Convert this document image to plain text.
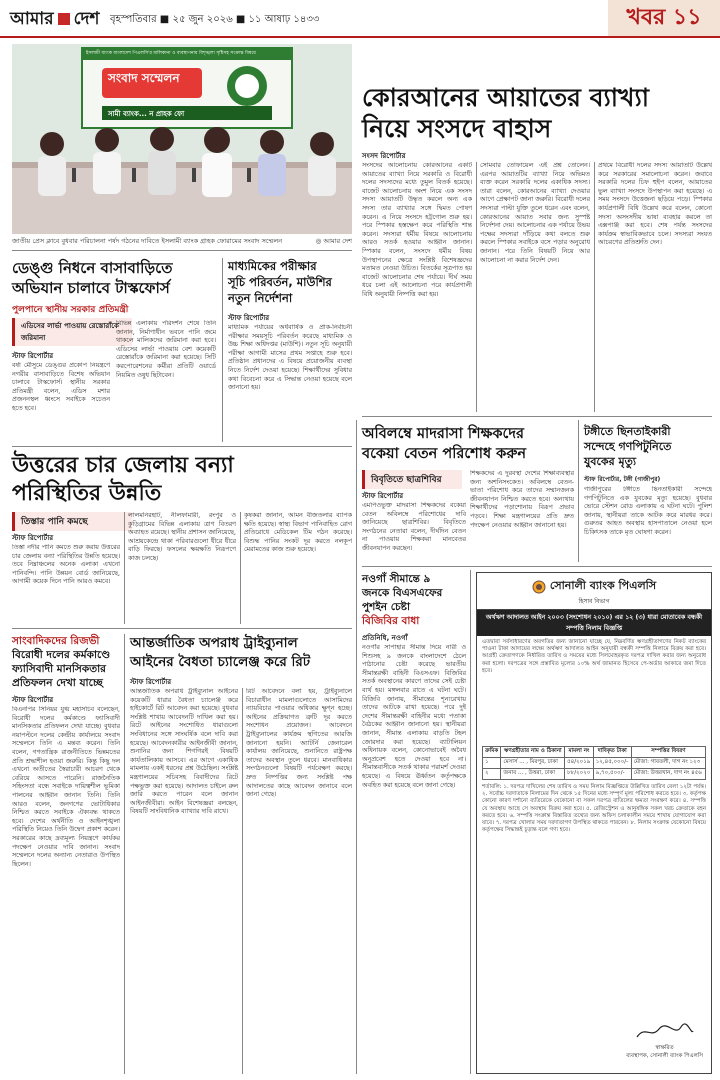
আমার দেশ বৃহস্পতিবার ■ ২৫ জুন ২০২৬ ■ ১১ আষাঢ় ১৪৩৩	খবর ১১
সংবাদ সম্মেলন
ইসলামী ব্যাংক বাংলাদেশ পিএলসি'র মালিকানা ও ব্যবস্থাপনায় বিশৃঙ্খলা সৃষ্টিসহ সংক্রান্ত বিষয়ে
সামী ব্যাংক... ন প্রাহক ফো
জাতীয় প্রেস ক্লাবে বুধবার পরিচালনা পর্ষদ গঠনের দাবিতে ইসলামী ব্যাংক গ্রাহক ফোরামের সংবাদ সম্মেলন	◎ আমার দেশ
কোরআনের আয়াতের ব্যাখ্যা
নিয়ে সংসদে বাহাস
সংসদ রিপোর্টার
সংসদের আলোচনায় কোরআনের একটি আয়াতের ব্যাখ্যা নিয়ে সরকারি ও বিরোধী দলের সদস্যদের মধ্যে তুমুল বিতর্ক হয়েছে। বাজেট আলোচনায় অংশ নিয়ে এক সংসদ সদস্য আয়াতটি উদ্ধৃত করলে অন্য এক সদস্য তার ব্যাখ্যার সঙ্গে দ্বিমত পোষণ করেন। এ নিয়ে সংসদে হট্টগোল শুরু হয়। পরে স্পিকার হস্তক্ষেপ করে পরিস্থিতি শান্ত করেন। সদস্যরা ধর্মীয় বিষয়ে আলোচনায় আরও সতর্ক হওয়ার আহ্বান জানান। স্পিকার বলেন, সংসদে ধর্মীয় বিষয় উপস্থাপনের ক্ষেত্রে সংশ্লিষ্ট বিশেষজ্ঞদের মতামত নেওয়া উচিত। বিতর্কের সূত্রপাত হয় বাজেট আলোচনার শেষ পর্যায়ে। দীর্ঘ সময় ধরে চলা এই আলোচনা পরে কার্যপ্রণালী বিধি অনুযায়ী নিষ্পত্তি করা হয়।
সোমবার তোফায়েল এই প্রশ্ন তোলেন। এরপর আয়াতটির ব্যাখ্যা নিয়ে অভিমত ব্যক্ত করেন সরকারি দলের একাধিক সদস্য। তারা বলেন, কোরআনের ব্যাখ্যা দেওয়ার আগে প্রেক্ষাপট জানা জরুরি। বিরোধী দলের সদস্যরা পাল্টা যুক্তি তুলে ধরেন এবং বলেন, কোরআনের আয়াত সবার জন্য সুস্পষ্ট নির্দেশনা দেয়। আলোচনার এক পর্যায়ে উভয় পক্ষের সদস্যরা দাঁড়িয়ে কথা বলতে শুরু করলে স্পিকার সবাইকে বসে পড়ার অনুরোধ জানান। পরে তিনি বিষয়টি নিয়ে আর আলোচনা না করার নির্দেশ দেন।
প্রথমে বিরোধী দলের সদস্য আয়াতটি উল্লেখ করে সরকারের সমালোচনা করেন। জবাবে সরকারি দলের চিফ হুইপ বলেন, আয়াতের ভুল ব্যাখ্যা সংসদে উপস্থাপন করা হয়েছে। এ সময় সংসদে উত্তেজনা ছড়িয়ে পড়ে। স্পিকার কার্যপ্রণালী বিধি উল্লেখ করে বলেন, কোনো সদস্য অসংসদীয় ভাষা ব্যবহার করলে তা এক্সপাঞ্জ করা হবে। শেষ পর্যন্ত সংসদের কার্যক্রম স্বাভাবিকভাবে চলে। সদস্যরা সংযত আচরণের প্রতিশ্রুতি দেন।
ডেঙ্গু নিধনে বাসাবাড়িতে
অভিযান চালাবে টাস্কফোর্স
পুলপানে স্থানীয় সরকার প্রতিমন্ত্রী
এডিসের লার্ভা পাওয়ায় রেস্তোরাঁকে জরিমানা
স্টাফ রিপোর্টার
বর্ষা মৌসুমে ডেঙ্গুর প্রকোপ নিয়ন্ত্রণে নগরীর বাসাবাড়িতে বিশেষ অভিযান চালাবে টাস্কফোর্স। স্থানীয় সরকার প্রতিমন্ত্রী বলেন, এডিস মশার প্রজননস্থল ধ্বংসে সবাইকে সচেতন হতে হবে।
বিভিন্ন এলাকায় পরিদর্শন শেষে তিনি জানান, নির্মাণাধীন ভবনে পানি জমে থাকলে মালিকদের জরিমানা করা হবে। এডিসের লার্ভা পাওয়ায় বেশ কয়েকটি রেস্তোরাঁকে জরিমানা করা হয়েছে। সিটি করপোরেশনের কর্মীরা প্রতিটি ওয়ার্ডে নিয়মিত ওষুধ ছিটাবেন।
মাধ্যমিকের পরীক্ষার
সূচি পরিবর্তন, মাউশির
নতুন নির্দেশনা
স্টাফ রিপোর্টার
মাধ্যমিক পর্যায়ের অর্ধবার্ষিক ও প্রাক-নির্বাচনী পরীক্ষার সময়সূচি পরিবর্তন করেছে মাধ্যমিক ও উচ্চ শিক্ষা অধিদপ্তর (মাউশি)। নতুন সূচি অনুযায়ী পরীক্ষা আগামী মাসের প্রথম সপ্তাহে শুরু হবে। প্রতিষ্ঠান প্রধানদের এ বিষয়ে প্রয়োজনীয় ব্যবস্থা নিতে নির্দেশ দেওয়া হয়েছে। শিক্ষার্থীদের সুবিধার কথা বিবেচনা করে এ সিদ্ধান্ত নেওয়া হয়েছে বলে জানানো হয়।
উত্তরের চার জেলায় বন্যা
পরিস্থিতির উন্নতি
তিস্তার পানি কমছে
স্টাফ রিপোর্টার
তিস্তা নদীর পানি কমতে শুরু করায় উত্তরের চার জেলায় বন্যা পরিস্থিতির উন্নতি হয়েছে। তবে নিম্নাঞ্চলের অনেক এলাকা এখনো পানিবন্দি। পানি উন্নয়ন বোর্ড জানিয়েছে, আগামী কয়েক দিনে পানি আরও কমবে।
লালমনিরহাট, নীলফামারী, রংপুর ও কুড়িগ্রামের বিভিন্ন এলাকায় ত্রাণ বিতরণ অব্যাহত রয়েছে। স্থানীয় প্রশাসন জানিয়েছে, আশ্রয়কেন্দ্রে থাকা পরিবারগুলো ধীরে ধীরে বাড়ি ফিরছে। ফসলের ক্ষয়ক্ষতি নিরূপণে কাজ চলছে।
কৃষকরা জানান, আমন বীজতলার ব্যাপক ক্ষতি হয়েছে। স্বাস্থ্য বিভাগ পানিবাহিত রোগ প্রতিরোধে মেডিকেল টিম গঠন করেছে। বিশুদ্ধ পানির সংকট দূর করতে নলকূপ মেরামতের কাজ শুরু হয়েছে।
সাংবাদিকদের রিজভী
বিরোধী দলের কর্মকাণ্ডে
ফ্যাসিবাদী মানসিকতার
প্রতিফলন দেখা যাচ্ছে
স্টাফ রিপোর্টার
বিএনপির সিনিয়র যুগ্ম মহাসচিব বলেছেন, বিরোধী দলের কর্মকাণ্ডে ফ্যাসিবাদী মানসিকতার প্রতিফলন দেখা যাচ্ছে। বুধবার নয়াপল্টনে দলের কেন্দ্রীয় কার্যালয়ে সংবাদ সম্মেলনে তিনি এ মন্তব্য করেন। তিনি বলেন, গণতান্ত্রিক রাজনীতিতে ভিন্নমতের প্রতি শ্রদ্ধাশীল হওয়া জরুরি। কিন্তু কিছু দল এখনো অতীতের স্বৈরাচারী আচরণ থেকে বেরিয়ে আসতে পারেনি। রাজনৈতিক সহিংসতা বন্ধে সবাইকে দায়িত্বশীল ভূমিকা পালনের আহ্বান জানান তিনি। তিনি আরও বলেন, জনগণের ভোটাধিকার নিশ্চিত করতে সবাইকে ঐক্যবদ্ধ থাকতে হবে। দেশের অর্থনীতি ও আইনশৃঙ্খলা পরিস্থিতি নিয়েও তিনি উদ্বেগ প্রকাশ করেন। সরকারের কাছে দ্রব্যমূল্য নিয়ন্ত্রণে কার্যকর পদক্ষেপ নেওয়ার দাবি জানান। সংবাদ সম্মেলনে দলের অন্যান্য নেতারাও উপস্থিত ছিলেন।
আন্তর্জাতিক অপরাধ ট্রাইব্যুনাল
আইনের বৈধতা চ্যালেঞ্জ করে রিট
স্টাফ রিপোর্টার
আন্তর্জাতিক অপরাধ ট্রাইব্যুনাল আইনের কয়েকটি ধারার বৈধতা চ্যালেঞ্জ করে হাইকোর্টে রিট আবেদন করা হয়েছে। বুধবার সংশ্লিষ্ট শাখায় আবেদনটি দাখিল করা হয়। রিটে আইনের সংশোধিত ধারাগুলো সংবিধানের সঙ্গে সাংঘর্ষিক বলে দাবি করা হয়েছে। আবেদনকারীর আইনজীবী জানান, শুনানির জন্য শিগগিরই বিষয়টি কার্যতালিকায় আসবে। এর আগে একাধিক মামলায় একই ধরনের প্রশ্ন উঠেছিল। সংশ্লিষ্ট মন্ত্রণালয়ের সচিবসহ বিবাদীদের রিটে পক্ষভুক্ত করা হয়েছে। আদালত চাইলে রুল জারি করতে পারেন বলে জানান আইনজীবীরা। আইন বিশেষজ্ঞরা বলছেন, বিষয়টি সাংবিধানিক ব্যাখ্যার দাবি রাখে।
রিট আবেদনে বলা হয়, ট্রাইব্যুনালে বিচারাধীন মামলাগুলোতে আসামিদের ন্যায়বিচার পাওয়ার অধিকার ক্ষুণ্ন হচ্ছে। আইনের প্রক্রিয়াগত ত্রুটি দূর করতে সংশোধন প্রয়োজন। আবেদনে ট্রাইব্যুনালের কার্যক্রম স্থগিতের আরজি জানানো হয়নি। অ্যাটর্নি জেনারেল কার্যালয় জানিয়েছে, শুনানিতে রাষ্ট্রপক্ষ তাদের অবস্থান তুলে ধরবে। মানবাধিকার সংগঠনগুলো বিষয়টি পর্যবেক্ষণ করছে। দ্রুত নিষ্পত্তির জন্য সংশ্লিষ্ট পক্ষ আদালতের কাছে আবেদন জানাবে বলে জানা গেছে।
অবিলম্বে মাদরাসা শিক্ষকদের
বকেয়া বেতন পরিশোধ করুন
বিবৃতিতে ছাত্রশিবির
স্টাফ রিপোর্টার
এমপিওভুক্ত মাদরাসা শিক্ষকদের বকেয়া বেতন অবিলম্বে পরিশোধের দাবি জানিয়েছে ছাত্রশিবির। বিবৃতিতে সংগঠনের নেতারা বলেন, দীর্ঘদিন বেতন না পাওয়ায় শিক্ষকরা মানবেতর জীবনযাপন করছেন।
শিক্ষকদের এ দুরবস্থা দেশের শিক্ষাব্যবস্থার জন্য অশনিসংকেত। অবিলম্বে বেতন-ভাতা পরিশোধ করে তাদের সম্মানজনক জীবনযাপন নিশ্চিত করতে হবে। অন্যথায় শিক্ষার্থীদের পড়াশোনায় বিরূপ প্রভাব পড়বে। শিক্ষা মন্ত্রণালয়ের প্রতি দ্রুত পদক্ষেপ নেওয়ার আহ্বান জানানো হয়।
টঙ্গীতে ছিনতাইকারী
সন্দেহে গণপিটুনিতে
যুবকের মৃত্যু
স্টাফ রিপোর্টার, টঙ্গী (গাজীপুর)
গাজীপুরের টঙ্গীতে ছিনতাইকারী সন্দেহে গণপিটুনিতে এক যুবকের মৃত্যু হয়েছে। বুধবার ভোরে স্টেশন রোড এলাকায় এ ঘটনা ঘটে। পুলিশ জানায়, স্থানীয়রা তাকে আটক করে মারধর করে। গুরুতর আহত অবস্থায় হাসপাতালে নেওয়া হলে চিকিৎসক তাকে মৃত ঘোষণা করেন।
নওগাঁ সীমান্তে ৯
জনকে বিএসএফের
পুশইন চেষ্টা
বিজিবির বাধা
প্রতিনিধি, নওগাঁ
নওগাঁর সাপাহার সীমান্ত দিয়ে নারী ও শিশুসহ ৯ জনকে বাংলাদেশে ঠেলে পাঠানোর চেষ্টা করেছে ভারতীয় সীমান্তরক্ষী বাহিনী বিএসএফ। বিজিবির সতর্ক অবস্থানের কারণে তাদের সেই চেষ্টা ব্যর্থ হয়। মঙ্গলবার রাতে এ ঘটনা ঘটে। বিজিবি জানায়, সীমান্তের শূন্যরেখায় তাদের আটকে রাখা হয়েছে। পরে দুই দেশের সীমান্তরক্ষী বাহিনীর মধ্যে পতাকা বৈঠকের আহ্বান জানানো হয়। স্থানীয়রা জানান, সীমান্ত এলাকায় বাড়তি টহল জোরদার করা হয়েছে। ব্যাটালিয়ন অধিনায়ক বলেন, কোনোভাবেই অবৈধ অনুপ্রবেশ হতে দেওয়া হবে না। সীমান্তবাসীকে সতর্ক থাকার পরামর্শ দেওয়া হয়েছে। এ বিষয়ে ঊর্ধ্বতন কর্তৃপক্ষকে অবহিত করা হয়েছে বলে জানা গেছে।
সোনালী ব্যাংক পিএলসি
হিসাব বিভাগ
অর্থঋণ আদালত আইন ২০০৩ (সংশোধন ২০১০) এর ১২ (৩) ধারা মোতাবেক বন্ধকী সম্পত্তি নিলাম বিজ্ঞপ্তি
এতদ্বারা সর্বসাধারণের অবগতির জন্য জানানো যাচ্ছে যে, নিম্নবর্ণিত ঋণগ্রহীতাগণের নিকট ব্যাংকের পাওনা টাকা আদায়ের লক্ষ্যে অর্থঋণ আদালত আইন অনুযায়ী বন্ধকী সম্পত্তি নিলামে বিক্রয় করা হবে। আগ্রহী ক্রেতাগণকে নির্ধারিত তারিখ ও সময়ের মধ্যে সিলমোহরকৃত দরপত্র দাখিল করার জন্য অনুরোধ করা হলো। দরপত্রের সঙ্গে প্রস্তাবিত মূল্যের ১০% অর্থ জামানত হিসেবে পে-অর্ডার আকারে জমা দিতে হবে।
ক্রমিক	ঋণগ্রহীতার নাম ও ঠিকানা	মামলা নং	দাবিকৃত টাকা	সম্পত্তির বিবরণ
১	মেসার্স ... , মিরপুর, ঢাকা	৫৪/২০১৯	১২,৪৫,০০০/-	মৌজা: গাবতলী, দাগ নং ১২৩
২	জনাব ... , উত্তরা, ঢাকা	৮৮/২০২০	৯,৭০,৫০০/-	মৌজা: উত্তরখান, দাগ নং ৪৫৬
শর্তাবলি: ১. দরপত্র দাখিলের শেষ তারিখ ও সময় নিলাম বিজ্ঞপ্তিতে উল্লিখিত তারিখ বেলা ১২টা পর্যন্ত। ২. সর্বোচ্চ দরদাতাকে নিলামের দিন থেকে ১৫ দিনের মধ্যে সম্পূর্ণ মূল্য পরিশোধ করতে হবে। ৩. কর্তৃপক্ষ কোনো কারণ দর্শানো ব্যতিরেকে যেকোনো বা সকল দরপত্র বাতিলের ক্ষমতা সংরক্ষণ করে। ৪. সম্পত্তি যে অবস্থায় আছে সে অবস্থায় বিক্রয় করা হবে। ৫. রেজিস্ট্রেশন ও আনুষঙ্গিক সকল খরচ ক্রেতাকে বহন করতে হবে। ৬. সম্পত্তি সংক্রান্ত বিস্তারিত তথ্যের জন্য অফিস চলাকালীন সময়ে শাখায় যোগাযোগ করা যাবে। ৭. দরপত্র খোলার সময় দরদাতাগণ উপস্থিত থাকতে পারবেন। ৮. নিলাম সংক্রান্ত যেকোনো বিষয়ে কর্তৃপক্ষের সিদ্ধান্তই চূড়ান্ত বলে গণ্য হবে।
স্বাক্ষরিত
ব্যবস্থাপক, সোনালী ব্যাংক পিএলসি
